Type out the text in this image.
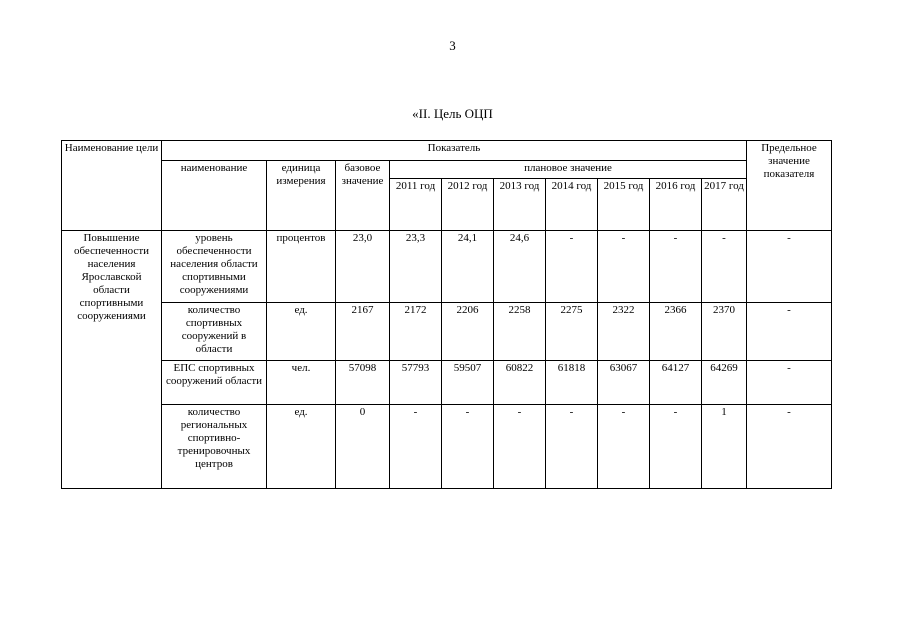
3
«II. Цель ОЦП
Наименование цели	Показатель										Предельное значение показателя
	наименование	единица измерения	базовое значение	плановое значение							
				2011 год	2012 год	2013 год	2014 год	2015 год	2016 год	2017 год	
Повышение обеспеченности населения Ярославской области спортивными сооружениями	уровень обеспеченности населения области спортивными сооружениями	процентов	23,0	23,3	24,1	24,6	-	-	-	-	-
	количество спортивных сооружений в области	ед.	2167	2172	2206	2258	2275	2322	2366	2370	-
	ЕПС спортивных сооружений области	чел.	57098	57793	59507	60822	61818	63067	64127	64269	-
	количество региональных спортивно-тренировочных центров	ед.	0	-	-	-	-	-	-	1	-
